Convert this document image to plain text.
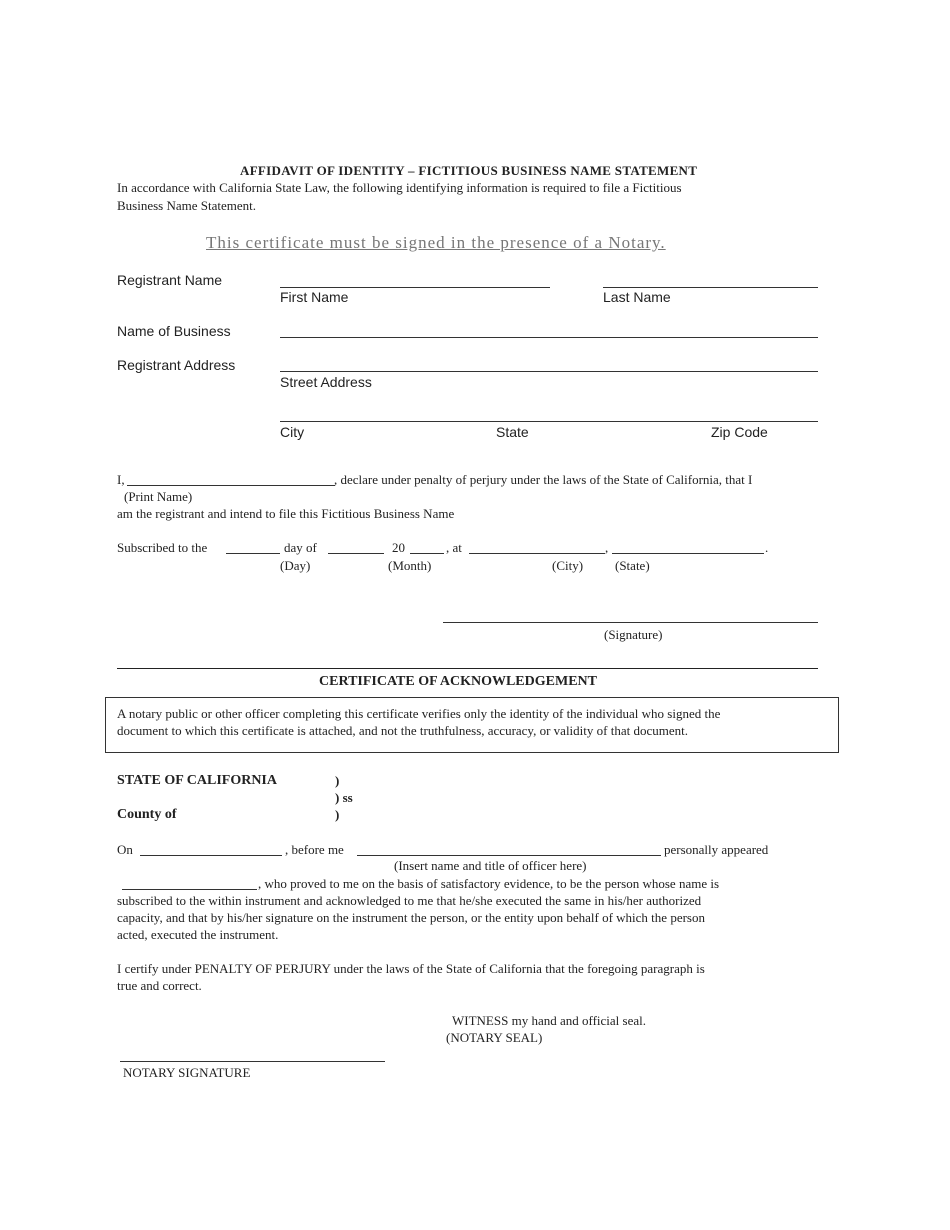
AFFIDAVIT OF IDENTITY – FICTITIOUS BUSINESS NAME STATEMENT
In accordance with California State Law, the following identifying information is required to file a Fictitious
Business Name Statement.
This certificate must be signed in the presence of a Notary.
Registrant Name
First Name	Last Name
Name of Business
Registrant Address
Street Address
City	State	Zip Code
I,	, declare under penalty of perjury under the laws of the State of California, that I
(Print Name)
am the registrant and intend to file this Fictitious Business Name
Subscribed to the	day of	20	, at	,	.
(Day)	(Month)	(City) (State)
(Signature)
CERTIFICATE OF ACKNOWLEDGEMENT
A notary public or other officer completing this certificate verifies only the identity of the individual who signed the
document to which this certificate is attached, and not the truthfulness, accuracy, or validity of that document.
STATE OF CALIFORNIA	)
) ss
County of	)
On	, before me	personally appeared
(Insert name and title of officer here)
, who proved to me on the basis of satisfactory evidence, to be the person whose name is
subscribed to the within instrument and acknowledged to me that he/she executed the same in his/her authorized
capacity, and that by his/her signature on the instrument the person, or the entity upon behalf of which the person
acted, executed the instrument.
I certify under PENALTY OF PERJURY under the laws of the State of California that the foregoing paragraph is
true and correct.
WITNESS my hand and official seal.
(NOTARY SEAL)
NOTARY SIGNATURE
